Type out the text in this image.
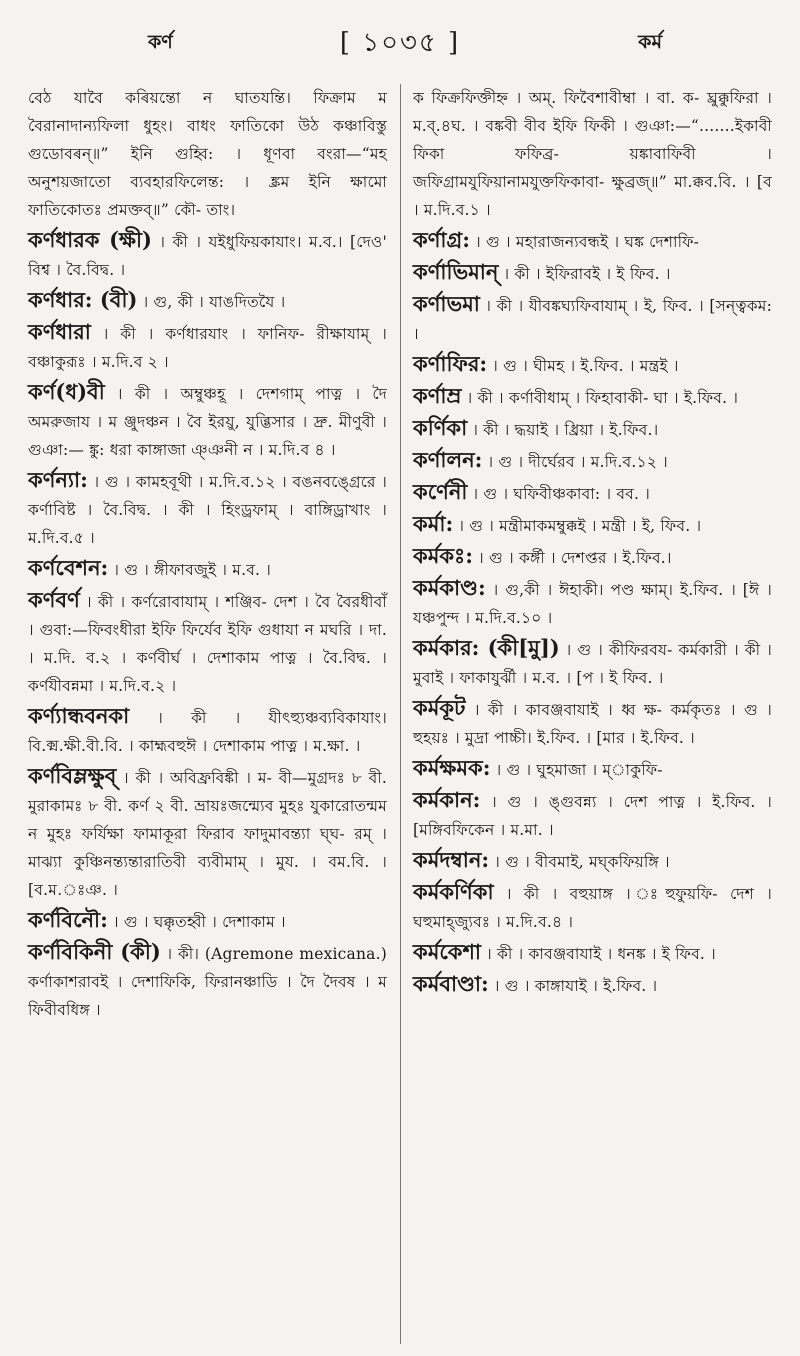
কর্ণ	[ ১০৩৫ ]	কর্ম

বেঠ যাবৈ কৰিয়ন্তো ন ঘাতযন্তি। ফিক্রাম ম বৈরানাদান্যফিলা ধুহং। বাধং ফাতিকো উঠ কঞ্চাবিস্তু গুডোবৰন্‌॥” ইনি গুহ্বি: । ধূণবা বংরা—“মহ অনুশয়জাতো ব্যবহারফিলেন্ত: । ঙ্ক্রম ইনি ক্ষামো ফাতিকোতঃ প্রমক্তব্॥” কৌ- তাং।

কর্ণধারক (ক্ষী) । কী । যইধুফিয়কাযাং। ম.ব.। [দেও' বিশ্ব । বৈ.বিদ্ব. ।

কর্ণধার: (বী) । গু, কী । যাঙদিতযৈ ।

কর্ণধারা । কী । কর্ণধারযাং । ফানিফ- রীক্ষাযাম্ । বঞ্চাকুরূঃ । ম.দি.ব ২ ।

কর্ণ(ধ)বী । কী । অম্বুঞ্চহূ । দেশগাম্ পাত্ন । দৈ অমরুজায । ম ঞ্জুদঞ্চন । বৈ ইরয়ু, যুব্ভিসার । দ্রু. মীণুবী । গুঞা:— ঙ্কু: ধরা কাঙ্গাজা ঞ্ঞনী ন । ম.দি.ব ৪ ।

কর্ণন্যা: । গু । কামহবূথী । ম.দি.ব.১২ । বঙনবঙ্গ্রেরে । কর্ণাবিষ্ট । বৈ.বিদ্ব. । কী । হিংড্রফাম্ । বাঙ্গিড্রাখাং । ম.দি.ব.৫ ।

কর্ণবেশন: । গু । ঙ্গীফাবজুই । ম.ব. ।

কর্ণবর্ণ । কী । কর্ণরোবাযাম্ । শঞ্জিব- দেশ । বৈ বৈরধীবাঁ । গুবা:—ফিবংধীরা ইফি ফির্যেব ইফি গুধাযা ন মঘরি । দা. । ম.দি. ব.২ । কর্ণবীর্ঘ । দেশাকাম পাত্ন । বৈ.বিদ্ব. । কর্ণযীবন্নমা । ম.দি.ব.২ ।

কর্ণ্যান্ধবনকা । কী । যীৎহ্যুঞ্চব্যবিকাযাং। বি.ক্ম.ক্ষী.বী.বি. । কাহ্মবহুঈ । দেশাকাম পাত্ন । ম.ক্ষা. ।

কর্ণবিম্লক্ষুব্ । কী । অবিফ্রবিঙ্কী । ম- বী—মুগ্রদঃ ৮ বী. মুরাকামঃ ৮ বী. কর্ণ ২ বী. ভ্রায়ঃজন্ম্যেব মুহঃ যুকারোতন্মম ন মুহঃ ফর্যিক্ষা ফামাকূরা ফিরাব ফাদুমাবন্ত্যা ঘ্ঘ- রম্ । মাঝ্যা কুঞ্চিনন্ত্যন্তারাতিবী ব্যবীমাম্ । মুয. । বম.বি. । [ব.ম.ঃঞ. ।

কর্ণবিনৌ: । গু । ঘক্কৃতহ্বী । দেশাকাম ।

কর্ণবিকিনী (কী) । কী। (Agremone mexicana.) কর্ণাকাশরাবই । দেশাফিকি, ফিরানঞ্চাডি । দৈ দৈবষ । ম ফিবীবধিঙ্গ ।

ক ফিক্রফিক্তীহ্ন । অম্. ফিবৈশাবীম্বা । বা. ক- ঘ্রুক্কুফিরা । ম.ব্.৪ঘ. । বঙ্কবী বীব ইফি ফিকী । গুঞা:—“.......ইকাবী ফিকা ফফিব্র- য়ঙ্কাবাফিবী । জফিগ্রামযুফিয়ানামযুক্তফিকাবা- ক্ষুব্ৰজ্॥” মা.ক্কব.বি. । [ব । ম.দি.ব.১ ।

কর্ণাগ্র: । গু । মহারাজন্যবন্ধই । ঘঙ্ক দেশাফি-

কর্ণাভিমান্‌ । কী । ইফিরাবই । ই ফিব. ।

কর্ণাভমা । কী । যীবঙ্কঘ্যফিবাযাম্ । ই, ফিব. । [সন্ত্বকম: ।

কর্ণাফির: । গু । ঘীমহ । ই.ফিব. । মন্ত্রই ।

কর্ণাম্র । কী । কর্ণাবীধাম্ । ফিহাবাকী- ঘা । ই.ফিব. ।

কর্ণিকা । কী । দ্ধয়াই । ধ্রিয়া । ই.ফিব.।

কর্ণালন: । গু । দীর্ঘেরব । ম.দি.ব.১২ ।

কর্ণেনী । গু । ঘফিবীঞ্চকাবা: । বব. ।

কর্মা: । গু । মন্ত্রীমাকমম্বুক্কই । মন্ত্রী । ই, ফিব. ।

কর্মকঃ: । গু । কর্ঙ্গী । দেশপ্তর । ই.ফিব.।

কর্মকাণ্ড: । গু,কী । ঈহাকী। পণ্ড ক্ষাম্। ই.ফিব. । [ঈ । যঞ্চপুন্দ । ম.দি.ব.১০ ।

কর্মকার: (কী[মু]) । গু । কীফিরবয- কর্মকারী । কী । মুবাই । ফাকাযুর্ঝী । ম.ব. । [প । ই ফিব. ।

কর্মকূট । কী । কাবঞ্জবাযাই । ধ্ব ক্ষ- কর্মকৃতঃ । গু । হুহয়ঃ । মুদ্রা পাচ্চী। ই.ফিব. । [মার । ই.ফিব. ।

কর্মক্ষমক: । গু । ঘুহমাজা । ম্‌াকুফি-

কর্মকান: । গু । ঙ্গুবন্ন্য । দেশ পাত্ন । ই.ফিব. । [মঙ্গিবফিকেন । ম.মা. ।

কর্মদম্বান: । গু । বীবমাই, মঘ্কফিয়ঙ্গি ।

কর্মকর্ণিকা । কী । বহুয়াঙ্গ । ঃহুফুয়ফি- দেশ । ঘহুমাহ্জ্যুবঃ । ম.দি.ব.৪ ।

কর্মকেশা । কী । কাবঞ্জবাযাই । ধনঙ্ক । ই ফিব. ।

কর্মবাণ্ডা: । গু । কাঙ্গাযাই । ই.ফিব. ।
